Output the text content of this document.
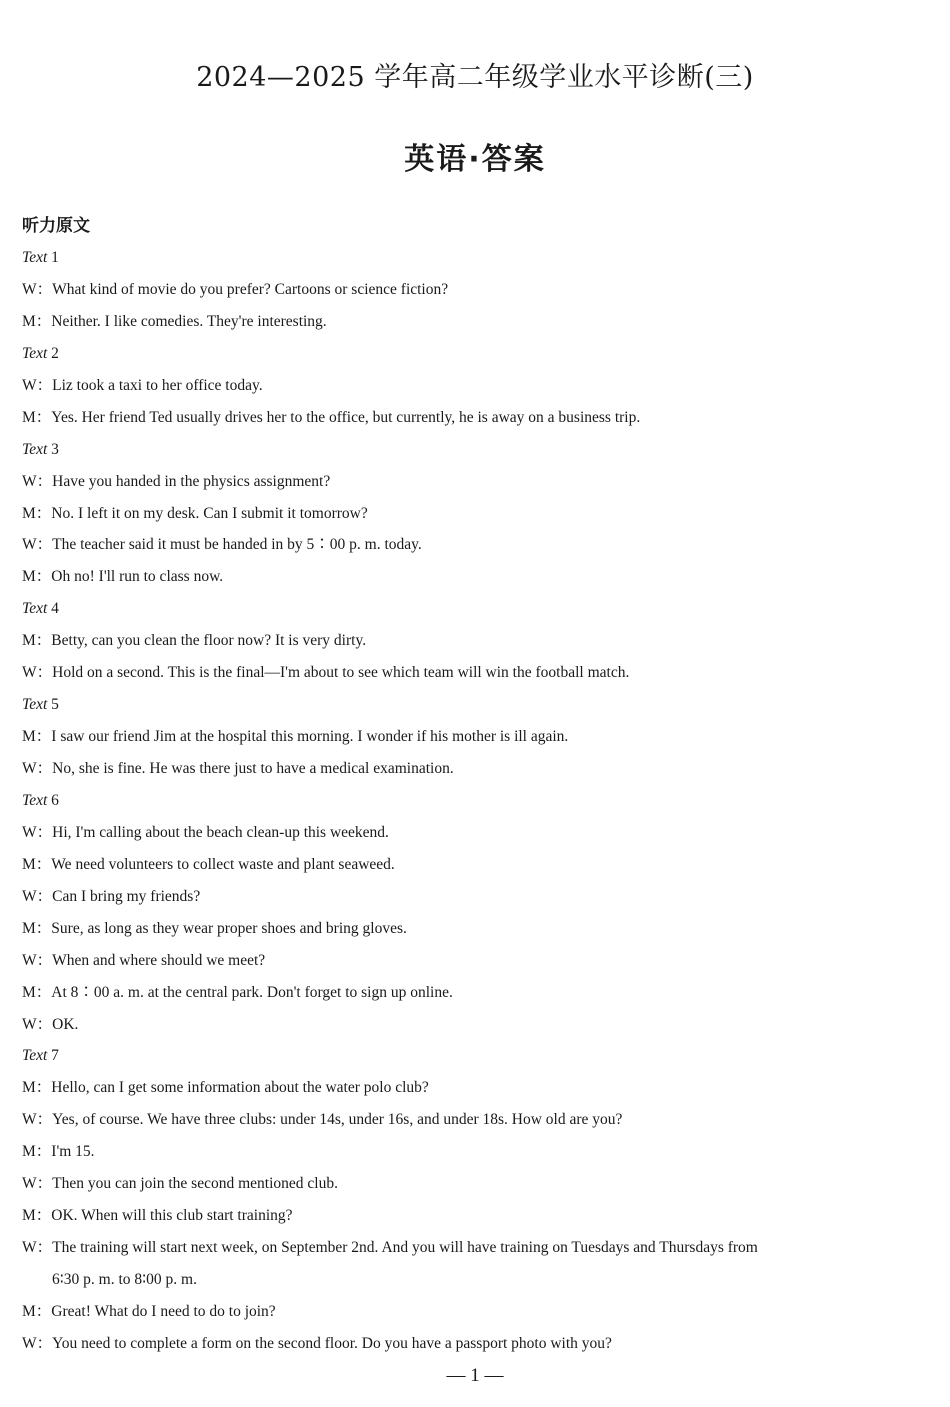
2024—2025 学年高二年级学业水平诊断(三)
英语·答案
听力原文
Text 1
W：What kind of movie do you prefer? Cartoons or science fiction?
M：Neither. I like comedies. They're interesting.
Text 2
W：Liz took a taxi to her office today.
M：Yes. Her friend Ted usually drives her to the office, but currently, he is away on a business trip.
Text 3
W：Have you handed in the physics assignment?
M：No. I left it on my desk. Can I submit it tomorrow?
W：The teacher said it must be handed in by 5∶00 p. m. today.
M：Oh no! I'll run to class now.
Text 4
M：Betty, can you clean the floor now? It is very dirty.
W：Hold on a second. This is the final—I'm about to see which team will win the football match.
Text 5
M：I saw our friend Jim at the hospital this morning. I wonder if his mother is ill again.
W：No, she is fine. He was there just to have a medical examination.
Text 6
W：Hi, I'm calling about the beach clean-up this weekend.
M：We need volunteers to collect waste and plant seaweed.
W：Can I bring my friends?
M：Sure, as long as they wear proper shoes and bring gloves.
W：When and where should we meet?
M：At 8∶00 a. m. at the central park. Don't forget to sign up online.
W：OK.
Text 7
M：Hello, can I get some information about the water polo club?
W：Yes, of course. We have three clubs: under 14s, under 16s, and under 18s. How old are you?
M：I'm 15.
W：Then you can join the second mentioned club.
M：OK. When will this club start training?
W：The training will start next week, on September 2nd. And you will have training on Tuesdays and Thursdays from
6∶30 p. m. to 8∶00 p. m.
M：Great! What do I need to do to join?
W：You need to complete a form on the second floor. Do you have a passport photo with you?
— 1 —
